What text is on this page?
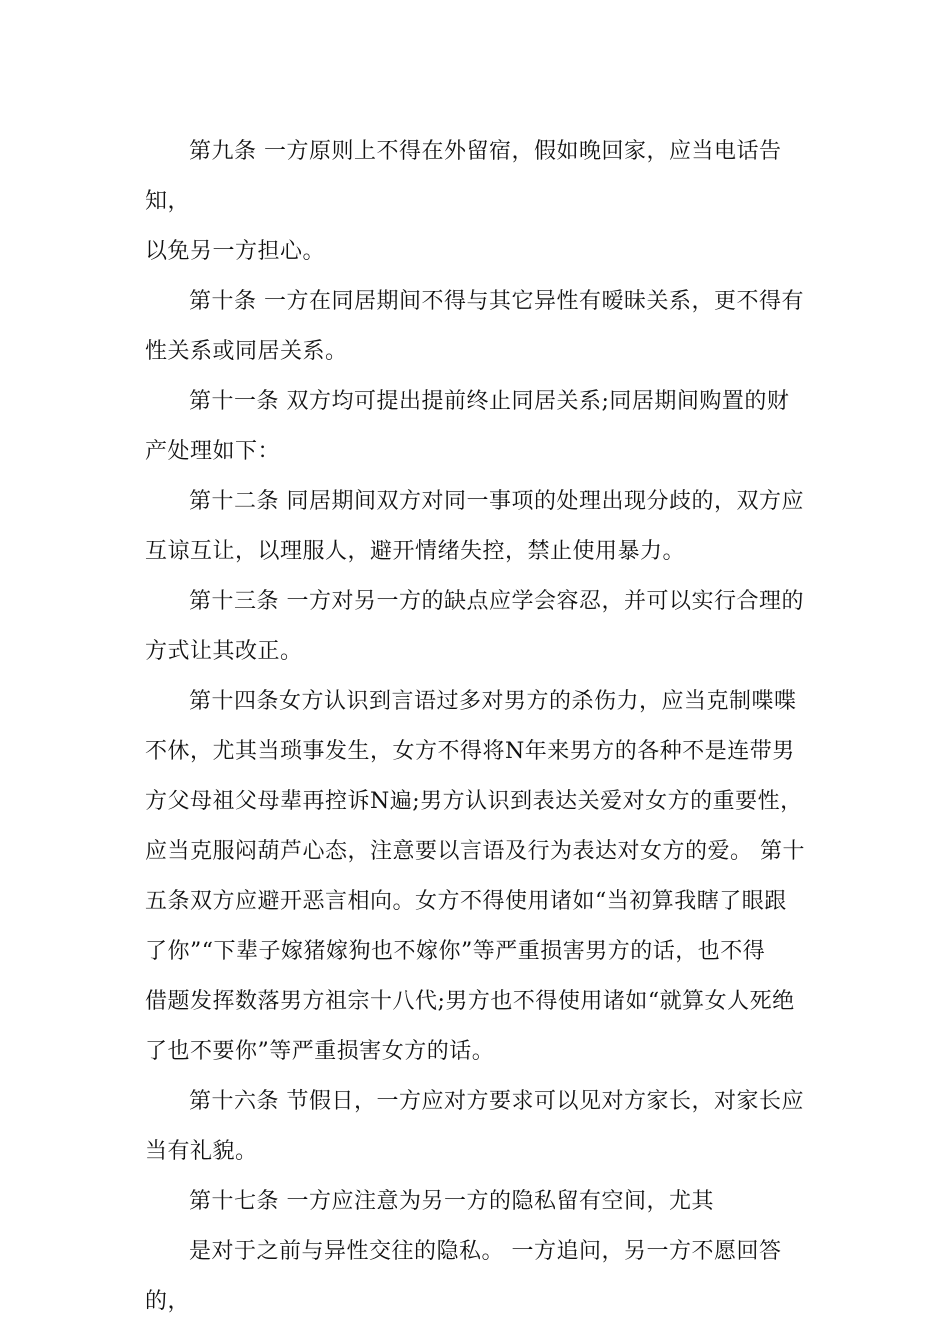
第九条 一方原则上不得在外留宿，假如晚回家，应当电话告知，
以免另一方担心。

第十条 一方在同居期间不得与其它异性有暧昧关系，更不得有
性关系或同居关系。

第十一条 双方均可提出提前终止同居关系;同居期间购置的财
产处理如下：

第十二条 同居期间双方对同一事项的处理出现分歧的，双方应
互谅互让，以理服人，避开情绪失控，禁止使用暴力。

第十三条 一方对另一方的缺点应学会容忍，并可以实行合理的
方式让其改正。

第十四条女方认识到言语过多对男方的杀伤力，应当克制喋喋
不休，尤其当琐事发生，女方不得将N年来男方的各种不是连带男
方父母祖父母辈再控诉N遍;男方认识到表达关爱对女方的重要性，
应当克服闷葫芦心态，注意要以言语及行为表达对女方的爱。 第十
五条双方应避开恶言相向。女方不得使用诸如“当初算我瞎了眼跟
了你”“下辈子嫁猪嫁狗也不嫁你”等严重损害男方的话，也不得
借题发挥数落男方祖宗十八代;男方也不得使用诸如“就算女人死绝
了也不要你”等严重损害女方的话。

第十六条 节假日，一方应对方要求可以见对方家长，对家长应
当有礼貌。

第十七条 一方应注意为另一方的隐私留有空间，尤其

是对于之前与异性交往的隐私。 一方追问，另一方不愿回答的，
